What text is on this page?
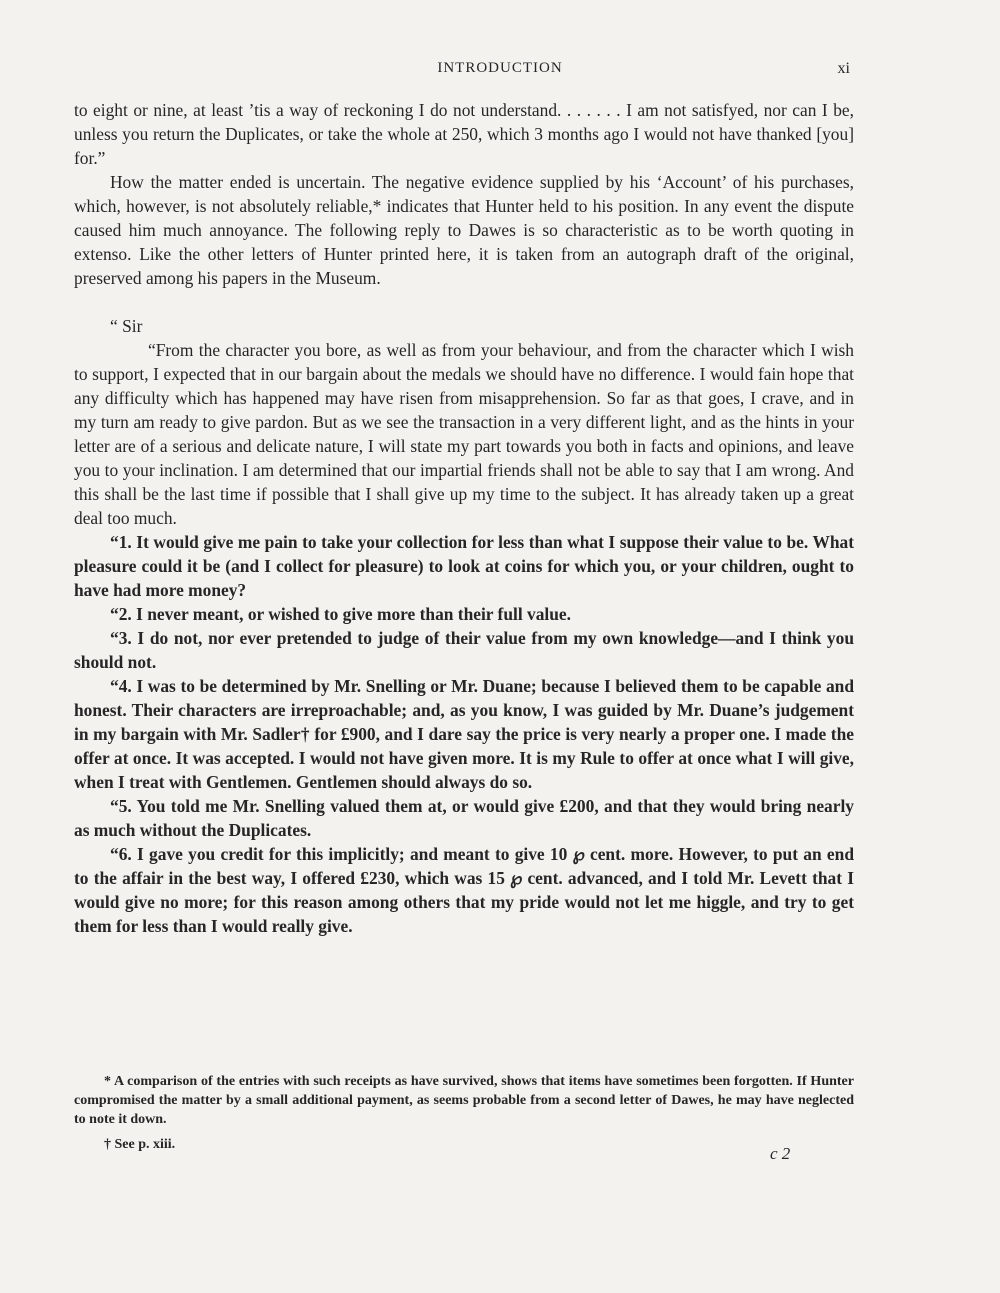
INTRODUCTION	xi

to eight or nine, at least ’tis a way of reckoning I do not understand. . . . . . . I am not satisfyed, nor can I be, unless you return the Duplicates, or take the whole at 250, which 3 months ago I would not have thanked [you] for.”

How the matter ended is uncertain. The negative evidence supplied by his ‘Account’ of his purchases, which, however, is not absolutely reliable,* indicates that Hunter held to his position. In any event the dispute caused him much annoyance. The following reply to Dawes is so characteristic as to be worth quoting in extenso. Like the other letters of Hunter printed here, it is taken from an autograph draft of the original, preserved among his papers in the Museum.

“ Sir

“From the character you bore, as well as from your behaviour, and from the character which I wish to support, I expected that in our bargain about the medals we should have no difference. I would fain hope that any difficulty which has happened may have risen from misapprehension. So far as that goes, I crave, and in my turn am ready to give pardon. But as we see the transaction in a very different light, and as the hints in your letter are of a serious and delicate nature, I will state my part towards you both in facts and opinions, and leave you to your inclination. I am determined that our impartial friends shall not be able to say that I am wrong. And this shall be the last time if possible that I shall give up my time to the subject. It has already taken up a great deal too much.

“1. It would give me pain to take your collection for less than what I suppose their value to be. What pleasure could it be (and I collect for pleasure) to look at coins for which you, or your children, ought to have had more money?

“2. I never meant, or wished to give more than their full value.

“3. I do not, nor ever pretended to judge of their value from my own knowledge—and I think you should not.

“4. I was to be determined by Mr. Snelling or Mr. Duane; because I believed them to be capable and honest. Their characters are irreproachable; and, as you know, I was guided by Mr. Duane’s judgement in my bargain with Mr. Sadler† for £900, and I dare say the price is very nearly a proper one. I made the offer at once. It was accepted. I would not have given more. It is my Rule to offer at once what I will give, when I treat with Gentlemen. Gentlemen should always do so.

“5. You told me Mr. Snelling valued them at, or would give £200, and that they would bring nearly as much without the Duplicates.

“6. I gave you credit for this implicitly; and meant to give 10 ℘ cent. more. However, to put an end to the affair in the best way, I offered £230, which was 15 ℘ cent. advanced, and I told Mr. Levett that I would give no more; for this reason among others that my pride would not let me higgle, and try to get them for less than I would really give.

* A comparison of the entries with such receipts as have survived, shows that items have sometimes been forgotten. If Hunter compromised the matter by a small additional payment, as seems probable from a second letter of Dawes, he may have neglected to note it down.

† See p. xiii.	c 2
